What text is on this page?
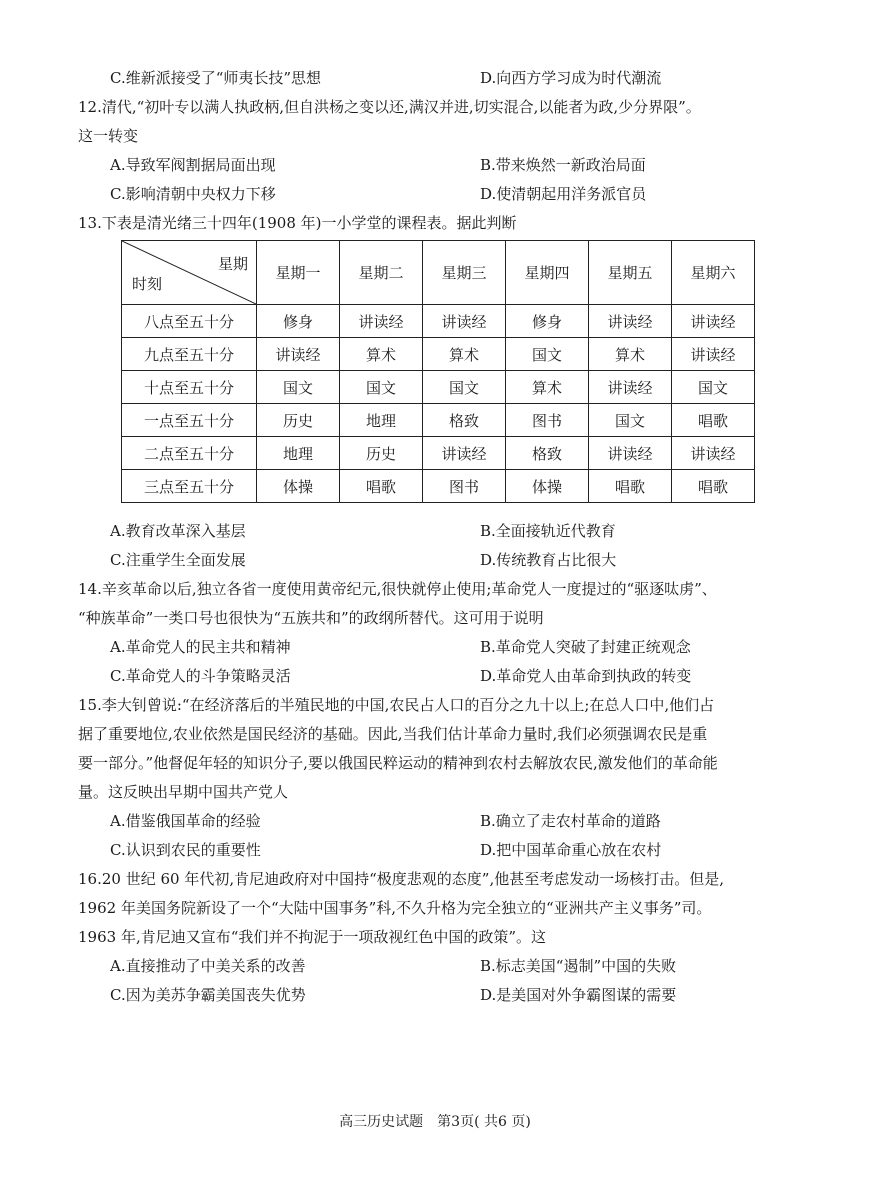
C.维新派接受了“师夷长技”思想	D.向西方学习成为时代潮流
12.清代,“初叶专以满人执政柄,但自洪杨之变以还,满汉并进,切实混合,以能者为政,少分界限”。
这一转变
A.导致军阀割据局面出现	B.带来焕然一新政治局面
C.影响清朝中央权力下移	D.使清朝起用洋务派官员
13.下表是清光绪三十四年(1908 年)一小学堂的课程表。据此判断
星期
时刻	星期一	星期二	星期三	星期四	星期五	星期六
八点至五十分	修身	讲读经	讲读经	修身	讲读经	讲读经
九点至五十分	讲读经	算术	算术	国文	算术	讲读经
十点至五十分	国文	国文	国文	算术	讲读经	国文
一点至五十分	历史	地理	格致	图书	国文	唱歌
二点至五十分	地理	历史	讲读经	格致	讲读经	讲读经
三点至五十分	体操	唱歌	图书	体操	唱歌	唱歌
A.教育改革深入基层	B.全面接轨近代教育
C.注重学生全面发展	D.传统教育占比很大
14.辛亥革命以后,独立各省一度使用黄帝纪元,很快就停止使用;革命党人一度提过的“驱逐呔虏”、
“种族革命”一类口号也很快为“五族共和”的政纲所替代。这可用于说明
A.革命党人的民主共和精神	B.革命党人突破了封建正统观念
C.革命党人的斗争策略灵活	D.革命党人由革命到执政的转变
15.李大钊曾说:“在经济落后的半殖民地的中国,农民占人口的百分之九十以上;在总人口中,他们占
据了重要地位,农业依然是国民经济的基础。因此,当我们估计革命力量时,我们必须强调农民是重
要一部分。”他督促年轻的知识分子,要以俄国民粹运动的精神到农村去解放农民,激发他们的革命能
量。这反映出早期中国共产党人
A.借鉴俄国革命的经验	B.确立了走农村革命的道路
C.认识到农民的重要性	D.把中国革命重心放在农村
16.20 世纪 60 年代初,肯尼迪政府对中国持“极度悲观的态度”,他甚至考虑发动一场核打击。但是,
1962 年美国务院新设了一个“大陆中国事务”科,不久升格为完全独立的“亚洲共产主义事务”司。
1963 年,肯尼迪又宣布“我们并不拘泥于一项敌视红色中国的政策”。这
A.直接推动了中美关系的改善	B.标志美国“遏制”中国的失败
C.因为美苏争霸美国丧失优势	D.是美国对外争霸图谋的需要
高三历史试题　第3页( 共6 页)
